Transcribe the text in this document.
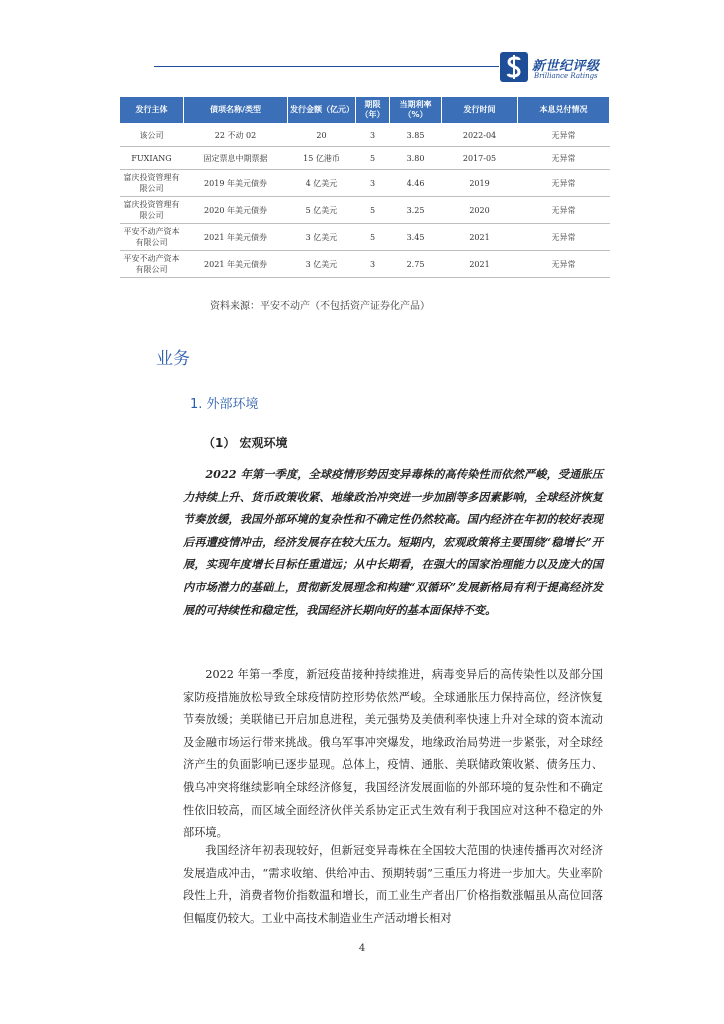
新世纪评级
Brilliance Ratings
发行主体	债项名称/类型	发行金额（亿元）	期限（年）	当期利率（%）	发行时间	本息兑付情况
该公司	22 不动 02	20	3	3.85	2022-04	无异常
FUXIANG	固定票息中期票据	15 亿港币	5	3.80	2017-05	无异常
富庆投资管理有限公司	2019 年美元债券	4 亿美元	3	4.46	2019	无异常
富庆投资管理有限公司	2020 年美元债券	5 亿美元	5	3.25	2020	无异常
平安不动产资本有限公司	2021 年美元债券	3 亿美元	5	3.45	2021	无异常
平安不动产资本有限公司	2021 年美元债券	3 亿美元	3	2.75	2021	无异常
资料来源：平安不动产（不包括资产证券化产品）
业务
1. 外部环境
（1） 宏观环境

2022 年第一季度，全球疫情形势因变异毒株的高传染性而依然严峻，受通胀压力持续上升、货币政策收紧、地缘政治冲突进一步加剧等多因素影响，全球经济恢复节奏放缓，我国外部环境的复杂性和不确定性仍然较高。国内经济在年初的较好表现后再遭疫情冲击，经济发展存在较大压力。短期内，宏观政策将主要围绕“稳增长”开展，实现年度增长目标任重道远；从中长期看，在强大的国家治理能力以及庞大的国内市场潜力的基础上，贯彻新发展理念和构建“双循环”发展新格局有利于提高经济发展的可持续性和稳定性，我国经济长期向好的基本面保持不变。

2022 年第一季度，新冠疫苗接种持续推进，病毒变异后的高传染性以及部分国家防疫措施放松导致全球疫情防控形势依然严峻。全球通胀压力保持高位，经济恢复节奏放缓；美联储已开启加息进程，美元强势及美债利率快速上升对全球的资本流动及金融市场运行带来挑战。俄乌军事冲突爆发，地缘政治局势进一步紧张，对全球经济产生的负面影响已逐步显现。总体上，疫情、通胀、美联储政策收紧、债务压力、俄乌冲突将继续影响全球经济修复，我国经济发展面临的外部环境的复杂性和不确定性依旧较高，而区域全面经济伙伴关系协定正式生效有利于我国应对这种不稳定的外部环境。

我国经济年初表现较好，但新冠变异毒株在全国较大范围的快速传播再次对经济发展造成冲击，“需求收缩、供给冲击、预期转弱”三重压力将进一步加大。失业率阶段性上升，消费者物价指数温和增长，而工业生产者出厂价格指数涨幅虽从高位回落但幅度仍较大。工业中高技术制造业生产活动增长相对

4
